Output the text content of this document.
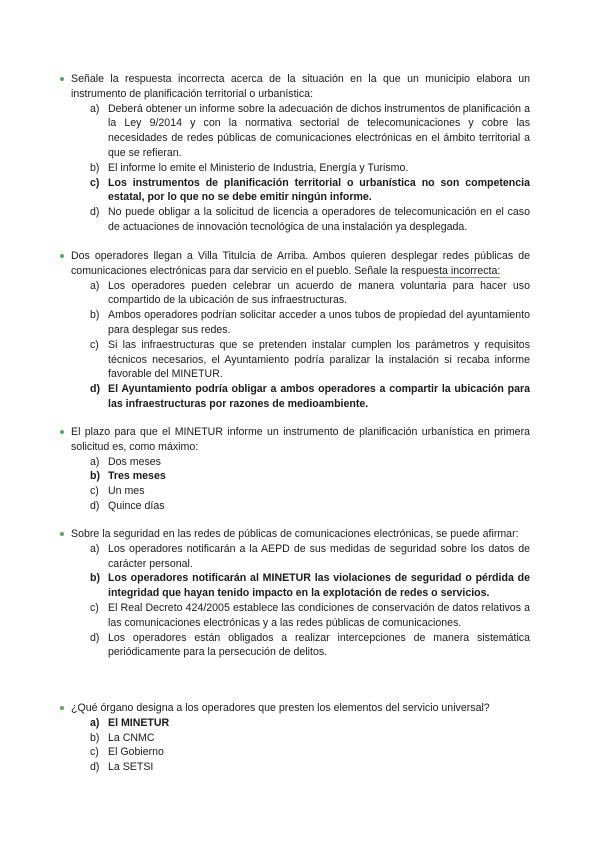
Señale la respuesta incorrecta acerca de la situación en la que un municipio elabora un instrumento de planificación territorial o urbanística:
a) Deberá obtener un informe sobre la adecuación de dichos instrumentos de planificación a la Ley 9/2014 y con la normativa sectorial de telecomunicaciones y cobre las necesidades de redes públicas de comunicaciones electrónicas en el ámbito territorial a que se refieran.
b) El informe lo emite el Ministerio de Industria, Energía y Turismo.
c) Los instrumentos de planificación territorial o urbanística no son competencia estatal, por lo que no se debe emitir ningún informe.
d) No puede obligar a la solicitud de licencia a operadores de telecomunicación en el caso de actuaciones de innovación tecnológica de una instalación ya desplegada.
Dos operadores llegan a Villa Titulcia de Arriba. Ambos quieren desplegar redes públicas de comunicaciones electrónicas para dar servicio en el pueblo. Señale la respuesta incorrecta:
a) Los operadores pueden celebrar un acuerdo de manera voluntaria para hacer uso compartido de la ubicación de sus infraestructuras.
b) Ambos operadores podrían solicitar acceder a unos tubos de propiedad del ayuntamiento para desplegar sus redes.
c) Si las infraestructuras que se pretenden instalar cumplen los parámetros y requisitos técnicos necesarios, el Ayuntamiento podría paralizar la instalación si recaba informe favorable del MINETUR.
d) El Ayuntamiento podría obligar a ambos operadores a compartir la ubicación para las infraestructuras por razones de medioambiente.
El plazo para que el MINETUR informe un instrumento de planificación urbanística en primera solicitud es, como máximo:
a) Dos meses
b) Tres meses
c) Un mes
d) Quince días
Sobre la seguridad en las redes de públicas de comunicaciones electrónicas, se puede afirmar:
a) Los operadores notificarán a la AEPD de sus medidas de seguridad sobre los datos de carácter personal.
b) Los operadores notificarán al MINETUR las violaciones de seguridad o pérdida de integridad que hayan tenido impacto en la explotación de redes o servicios.
c) El Real Decreto 424/2005 establece las condiciones de conservación de datos relativos a las comunicaciones electrónicas y a las redes públicas de comunicaciones.
d) Los operadores están obligados a realizar intercepciones de manera sistemática periódicamente para la persecución de delitos.
¿Qué órgano designa a los operadores que presten los elementos del servicio universal?
a) El MINETUR
b) La CNMC
c) El Gobierno
d) La SETSI
